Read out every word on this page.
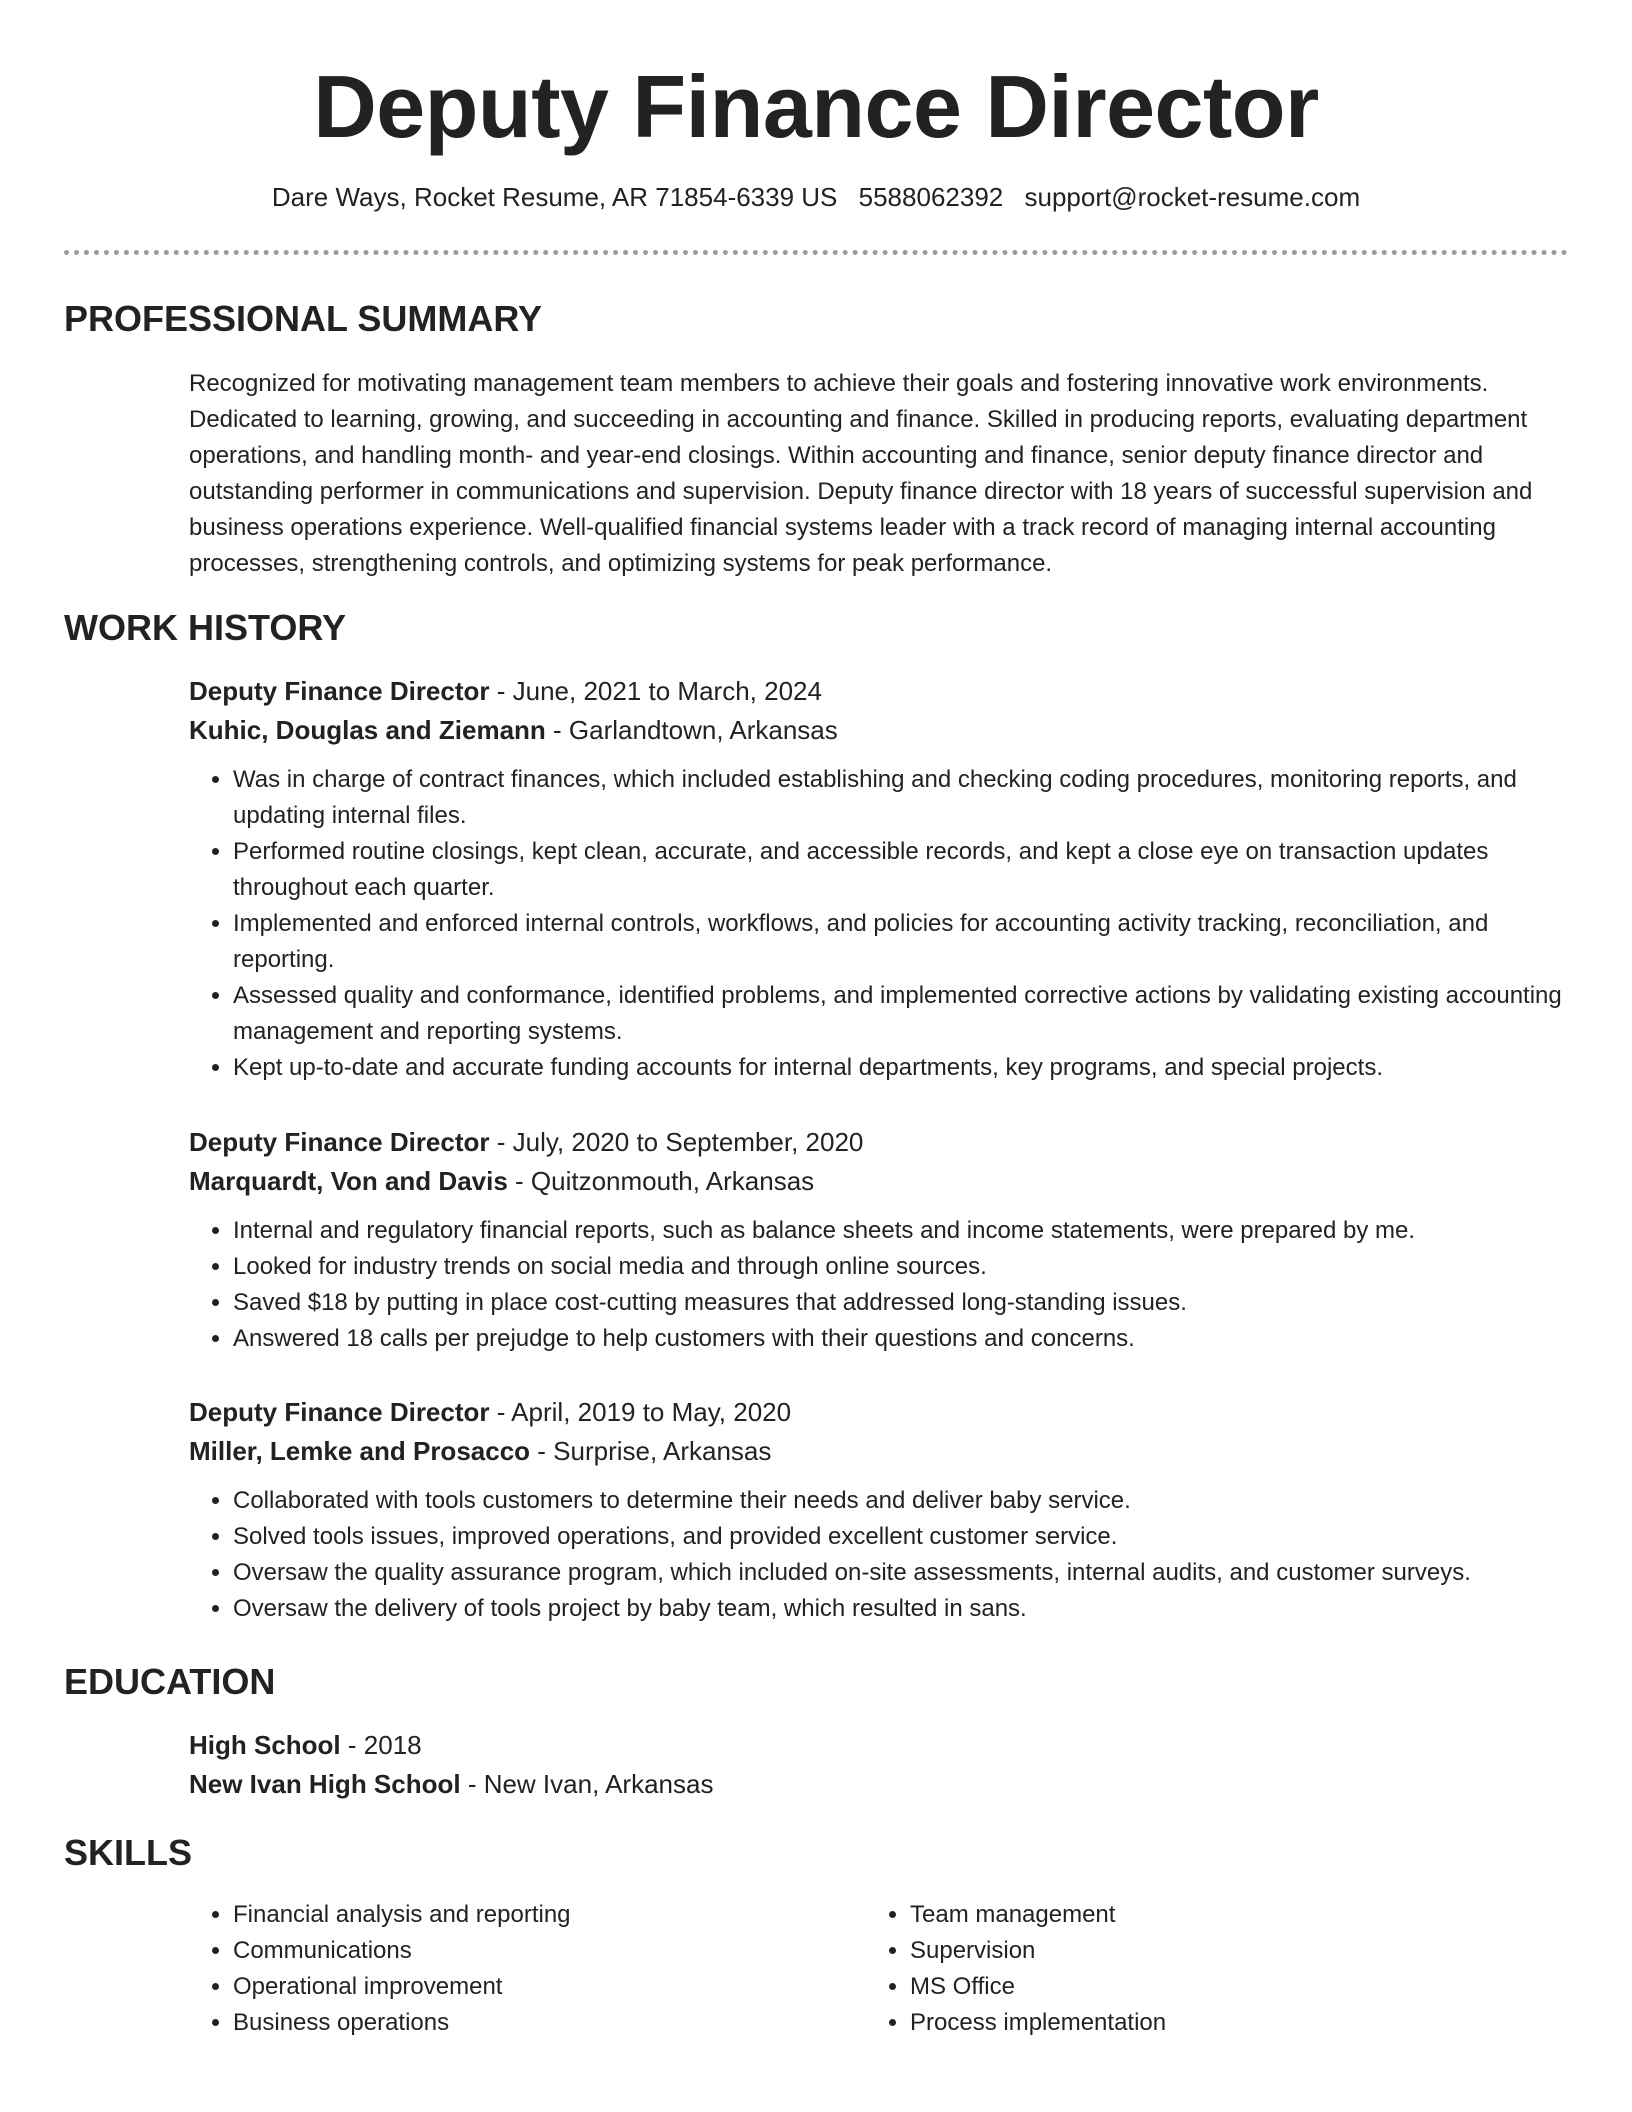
Deputy Finance Director
Dare Ways, Rocket Resume, AR 71854-6339 US 5588062392 support@rocket-resume.com
PROFESSIONAL SUMMARY

Recognized for motivating management team members to achieve their goals and fostering innovative work environments. Dedicated to learning, growing, and succeeding in accounting and finance. Skilled in producing reports, evaluating department operations, and handling month- and year-end closings. Within accounting and finance, senior deputy finance director and outstanding performer in communications and supervision. Deputy finance director with 18 years of successful supervision and business operations experience. Well-qualified financial systems leader with a track record of managing internal accounting processes, strengthening controls, and optimizing systems for peak performance.

WORK HISTORY

Deputy Finance Director - June, 2021 to March, 2024

Kuhic, Douglas and Ziemann - Garlandtown, Arkansas

• Was in charge of contract finances, which included establishing and checking coding procedures, monitoring reports, and updating internal files.
• Performed routine closings, kept clean, accurate, and accessible records, and kept a close eye on transaction updates throughout each quarter.
• Implemented and enforced internal controls, workflows, and policies for accounting activity tracking, reconciliation, and reporting.
• Assessed quality and conformance, identified problems, and implemented corrective actions by validating existing accounting management and reporting systems.
• Kept up-to-date and accurate funding accounts for internal departments, key programs, and special projects.

Deputy Finance Director - July, 2020 to September, 2020

Marquardt, Von and Davis - Quitzonmouth, Arkansas

• Internal and regulatory financial reports, such as balance sheets and income statements, were prepared by me.
• Looked for industry trends on social media and through online sources.
• Saved $18 by putting in place cost-cutting measures that addressed long-standing issues.
• Answered 18 calls per prejudge to help customers with their questions and concerns.

Deputy Finance Director - April, 2019 to May, 2020

Miller, Lemke and Prosacco - Surprise, Arkansas

• Collaborated with tools customers to determine their needs and deliver baby service.
• Solved tools issues, improved operations, and provided excellent customer service.
• Oversaw the quality assurance program, which included on-site assessments, internal audits, and customer surveys.
• Oversaw the delivery of tools project by baby team, which resulted in sans.
EDUCATION

High School - 2018

New Ivan High School - New Ivan, Arkansas

SKILLS
• Financial analysis and reporting
• Communications
• Operational improvement
• Business operations
• Team management
• Supervision
• MS Office
• Process implementation
